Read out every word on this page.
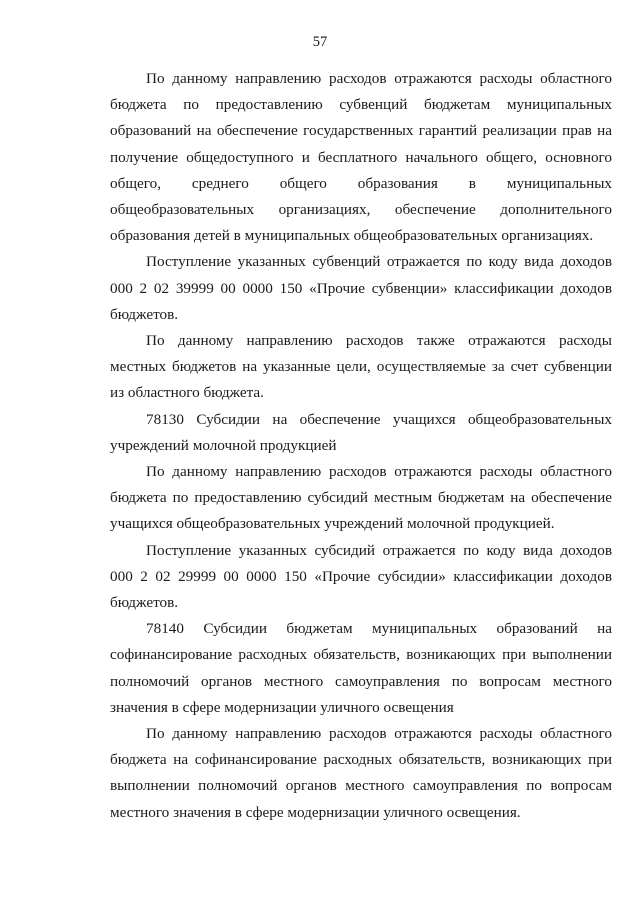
57

По данному направлению расходов отражаются расходы областного бюджета по предоставлению субвенций бюджетам муниципальных образований на обеспечение государственных гарантий реализации прав на получение общедоступного и бесплатного начального общего, основного общего, среднего общего образования в муниципальных общеобразовательных организациях, обеспечение дополнительного образования детей в муниципальных общеобразовательных организациях.

Поступление указанных субвенций отражается по коду вида доходов 000 2 02 39999 00 0000 150 «Прочие субвенции» классификации доходов бюджетов.

По данному направлению расходов также отражаются расходы местных бюджетов на указанные цели, осуществляемые за счет субвенции из областного бюджета.

78130 Субсидии на обеспечение учащихся общеобразовательных учреждений молочной продукцией

По данному направлению расходов отражаются расходы областного бюджета по предоставлению субсидий местным бюджетам на обеспечение учащихся общеобразовательных учреждений молочной продукцией.

Поступление указанных субсидий отражается по коду вида доходов 000 2 02 29999 00 0000 150 «Прочие субсидии» классификации доходов бюджетов.

78140 Субсидии бюджетам муниципальных образований на софинансирование расходных обязательств, возникающих при выполнении полномочий органов местного самоуправления по вопросам местного значения в сфере модернизации уличного освещения

По данному направлению расходов отражаются расходы областного бюджета на софинансирование расходных обязательств, возникающих при выполнении полномочий органов местного самоуправления по вопросам местного значения в сфере модернизации уличного освещения.
